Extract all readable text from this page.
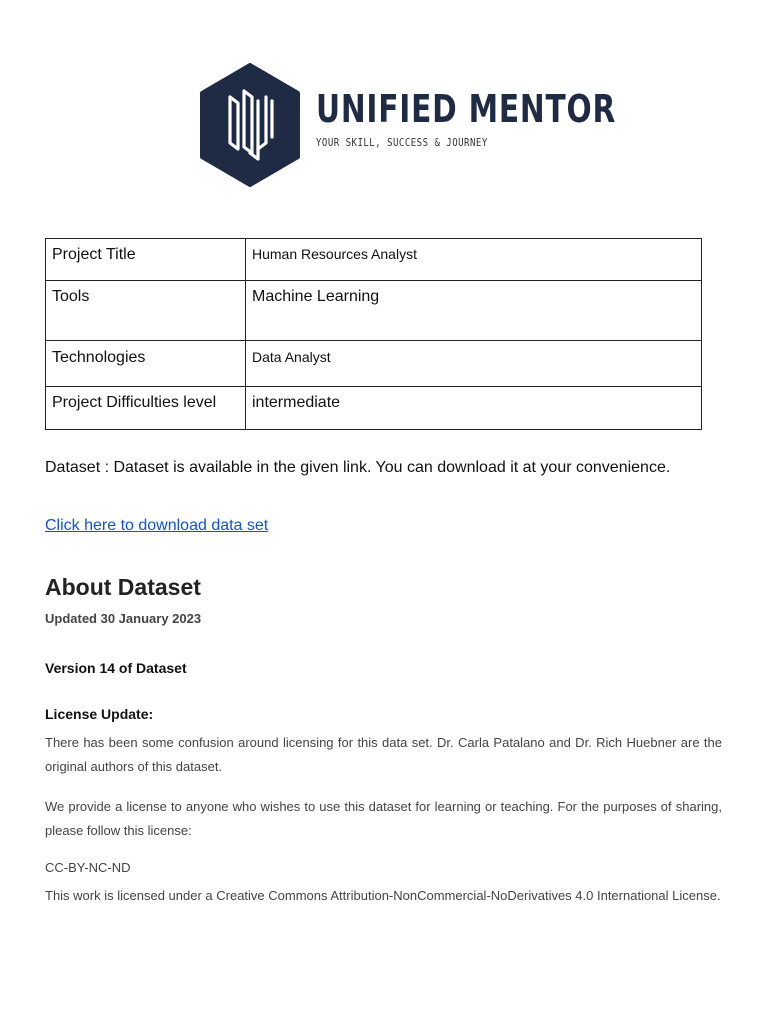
UNIFIED MENTOR
YOUR SKILL, SUCCESS & JOURNEY
Project Title	Human Resources Analyst
Tools	Machine Learning
Technologies	Data Analyst
Project Difficulties level	intermediate
Dataset : Dataset is available in the given link. You can download it at your convenience.
Click here to download data set
About Dataset
Updated 30 January 2023
Version 14 of Dataset
License Update:
There has been some confusion around licensing for this data set. Dr. Carla Patalano and Dr. Rich Huebner are the original authors of this dataset.
We provide a license to anyone who wishes to use this dataset for learning or teaching. For the purposes of sharing, please follow this license:
CC-BY-NC-ND
This work is licensed under a Creative Commons Attribution-NonCommercial-NoDerivatives 4.0 International License.
